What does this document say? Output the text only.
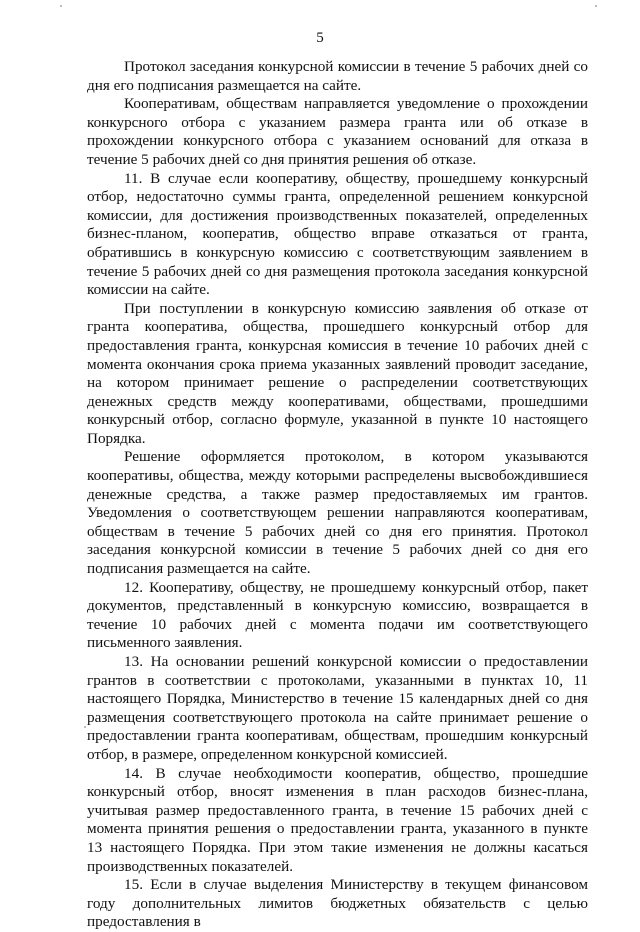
5

Протокол заседания конкурсной комиссии в течение 5 рабочих дней со дня его подписания размещается на сайте.

Кооперативам, обществам направляется уведомление о прохождении конкурсного отбора с указанием размера гранта или об отказе в прохождении конкурсного отбора с указанием оснований для отказа в течение 5 рабочих дней со дня принятия решения об отказе.

11. В случае если кооперативу, обществу, прошедшему конкурсный отбор, недостаточно суммы гранта, определенной решением конкурсной комиссии, для достижения производственных показателей, определенных бизнес-планом, кооператив, общество вправе отказаться от гранта, обратившись в конкурсную комиссию с соответствующим заявлением в течение 5 рабочих дней со дня размещения протокола заседания конкурсной комиссии на сайте.

При поступлении в конкурсную комиссию заявления об отказе от гранта кооператива, общества, прошедшего конкурсный отбор для предоставления гранта, конкурсная комиссия в течение 10 рабочих дней с момента окончания срока приема указанных заявлений проводит заседание, на котором принимает решение о распределении соответствующих денежных средств между кооперативами, обществами, прошедшими конкурсный отбор, согласно формуле, указанной в пункте 10 настоящего Порядка.

Решение оформляется протоколом, в котором указываются кооперативы, общества, между которыми распределены высвобождившиеся денежные средства, а также размер предоставляемых им грантов. Уведомления о соответствующем решении направляются кооперативам, обществам в течение 5 рабочих дней со дня его принятия. Протокол заседания конкурсной комиссии в течение 5 рабочих дней со дня его подписания размещается на сайте.

12. Кооперативу, обществу, не прошедшему конкурсный отбор, пакет документов, представленный в конкурсную комиссию, возвращается в течение 10 рабочих дней с момента подачи им соответствующего письменного заявления.

13. На основании решений конкурсной комиссии о предоставлении грантов в соответствии с протоколами, указанными в пунктах 10, 11 настоящего Порядка, Министерство в течение 15 календарных дней со дня размещения соответствующего протокола на сайте принимает решение о предоставлении гранта кооперативам, обществам, прошедшим конкурсный отбор, в размере, определенном конкурсной комиссией.

14. В случае необходимости кооператив, общество, прошедшие конкурсный отбор, вносят изменения в план расходов бизнес-плана, учитывая размер предоставленного гранта, в течение 15 рабочих дней с момента принятия решения о предоставлении гранта, указанного в пункте 13 настоящего Порядка. При этом такие изменения не должны касаться производственных показателей.

15. Если в случае выделения Министерству в текущем финансовом году дополнительных лимитов бюджетных обязательств с целью предоставления в
